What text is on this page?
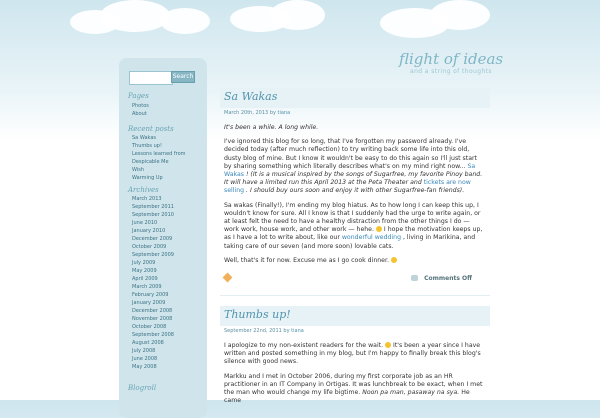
flight of ideas
and a string of thoughts
Search
Pages
Photos
About
Recent posts
Sa Wakas
Thumbs up!
Lessons learned from Despicable Me
Wish
Warming Up
Archives
March 2013
September 2011
September 2010
June 2010
January 2010
December 2009
October 2009
September 2009
July 2009
May 2009
April 2009
March 2009
February 2009
January 2009
December 2008
November 2008
October 2008
September 2008
August 2008
July 2008
June 2008
May 2008
Blogroll
Sa Wakas
March 20th, 2013 by tiana
It's been a while. A long while.
I've ignored this blog for so long, that I've forgotten my password already. I've decided today (after much reflection) to try writing back some life into this old, dusty blog of mine. But I know it wouldn't be easy to do this again so I'll just start by sharing something which literally describes what's on my mind right now... Sa Wakas ! (It is a musical inspired by the songs of Sugarfree, my favorite Pinoy band. It will have a limited run this April 2013 at the Peta Theater and tickets are now selling . I should buy ours soon and enjoy it with other Sugarfree-fan friends).
Sa wakas (Finally!), I'm ending my blog hiatus. As to how long I can keep this up, I wouldn't know for sure. All I know is that I suddenly had the urge to write again, or at least felt the need to have a healthy distraction from the other things I do — work work, house work, and other work — hehe. I hope the motivation keeps up, as I have a lot to write about, like our wonderful wedding , living in Marikina, and taking care of our seven (and more soon) lovable cats.
Well, that's it for now. Excuse me as I go cook dinner.
Comments Off
Thumbs up!
September 22nd, 2011 by tiana
I apologize to my non-existent readers for the wait. It's been a year since I have written and posted something in my blog, but I'm happy to finally break this blog's silence with good news.
Markku and I met in October 2006, during my first corporate job as an HR practitioner in an IT Company in Ortigas. It was lunchbreak to be exact, when I met the man who would change my life bigtime. Noon pa man, pasaway na sya. He came
